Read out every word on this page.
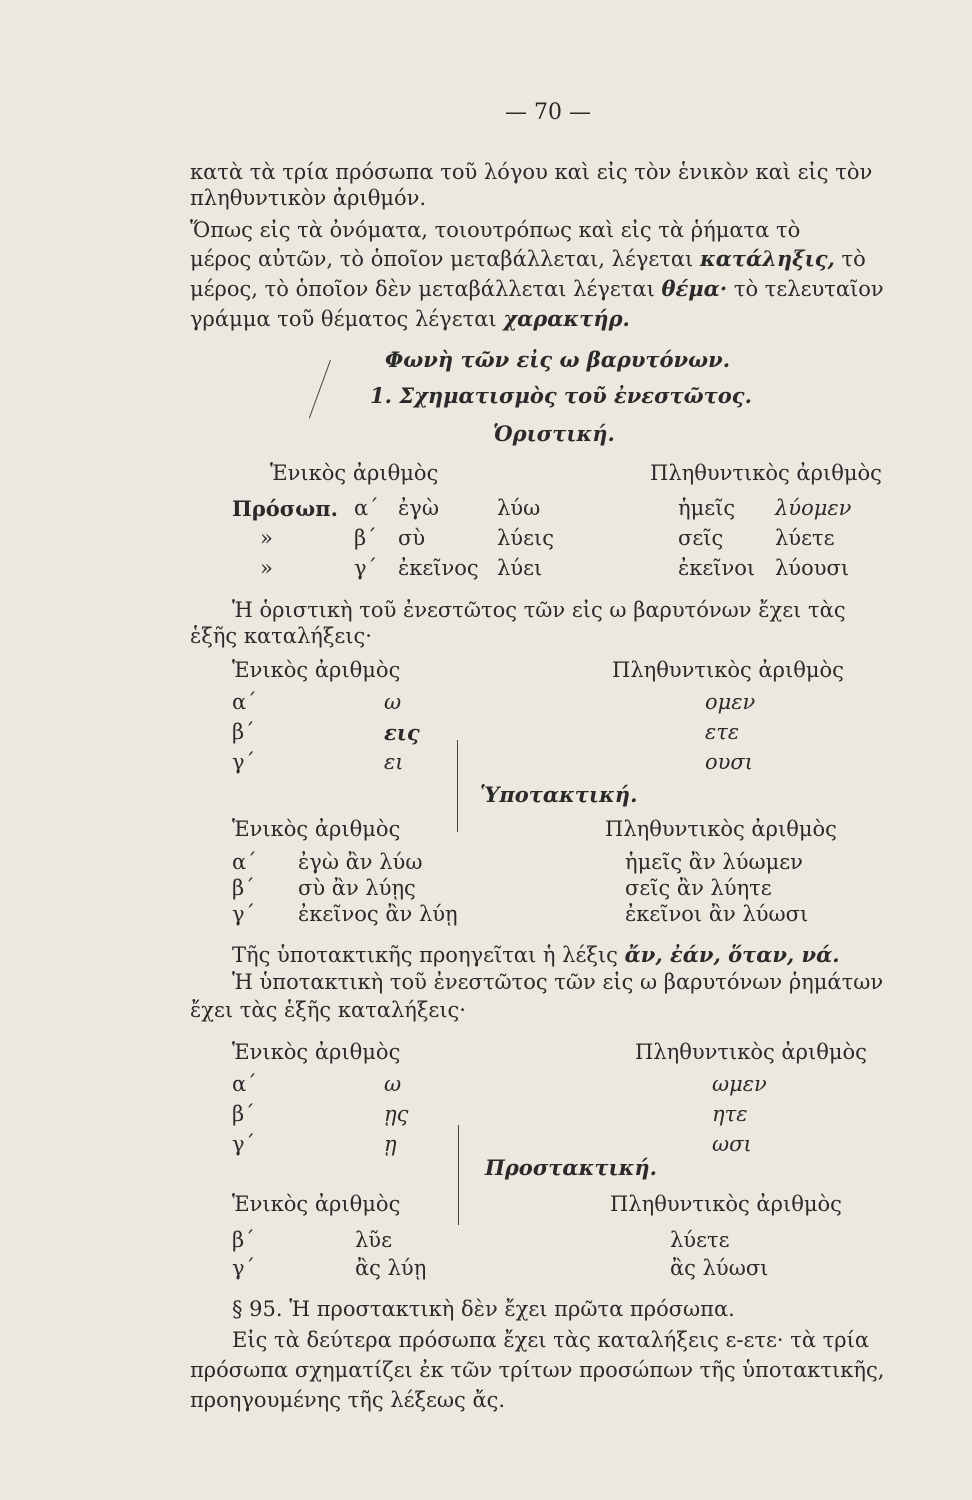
— 70 —
κατὰ τὰ τρία πρόσωπα τοῦ λόγου καὶ εἰς τὸν ἑνικὸν καὶ εἰς τὸν
πληθυντικὸν ἀριθμόν.
Ὅπως εἰς τὰ ὀνόματα, τοιουτρόπως καὶ εἰς τὰ ῥήματα τὸ
μέρος αὐτῶν, τὸ ὁποῖον μεταβάλλεται, λέγεται κατάληξις, τὸ
μέρος, τὸ ὁποῖον δὲν μεταβάλλεται λέγεται θέμα· τὸ τελευταῖον
γράμμα τοῦ θέματος λέγεται χαρακτήρ.
Φωνὴ τῶν εἰς ω βαρυτόνων.
1. Σχηματισμὸς τοῦ ἐνεστῶτος.
Ὁριστική.
Ἑνικὸς ἀριθμὸς	Πληθυντικὸς ἀριθμὸς
Πρόσωπ. α΄ ἐγὼ	λύω	ἡμεῖς λύομεν
»	β΄ σὺ	λύεις	σεῖς λύετε
»	γ΄ ἐκεῖνος λύει	ἐκεῖνοι λύουσι
Ἡ ὁριστικὴ τοῦ ἐνεστῶτος τῶν εἰς ω βαρυτόνων ἔχει τὰς
ἑξῆς καταλήξεις·
Ἑνικὸς ἀριθμὸς	Πληθυντικὸς ἀριθμὸς
α΄	ω	ομεν
β΄	εις	ετε
γ΄	ει	ουσι
Ὑποτακτική.
Ἑνικὸς ἀριθμὸς	Πληθυντικὸς ἀριθμὸς
α΄ ἐγὼ ἂν λύω	ἡμεῖς ἂν λύωμεν
β΄ σὺ ἂν λύῃς	σεῖς ἂν λύητε
γ΄ ἐκεῖνος ἂν λύῃ	ἐκεῖνοι ἂν λύωσι
Τῆς ὑποτακτικῆς προηγεῖται ἡ λέξις ἄν, ἐάν, ὅταν, νά.
Ἡ ὑποτακτικὴ τοῦ ἐνεστῶτος τῶν εἰς ω βαρυτόνων ῥημάτων
ἔχει τὰς ἑξῆς καταλήξεις·
Ἑνικὸς ἀριθμὸς	Πληθυντικὸς ἀριθμὸς
α΄	ω	ωμεν
β΄	ῃς	ητε
γ΄	ῃ	ωσι
Προστακτική.
Ἑνικὸς ἀριθμὸς	Πληθυντικὸς ἀριθμὸς
β΄	λῦε	λύετε
γ΄	ἂς λύῃ	ἂς λύωσι
§ 95. Ἡ προστακτικὴ δὲν ἔχει πρῶτα πρόσωπα.
Εἰς τὰ δεύτερα πρόσωπα ἔχει τὰς καταλήξεις ε-ετε· τὰ τρία
πρόσωπα σχηματίζει ἐκ τῶν τρίτων προσώπων τῆς ὑποτακτικῆς,
προηγουμένης τῆς λέξεως ἄς.
